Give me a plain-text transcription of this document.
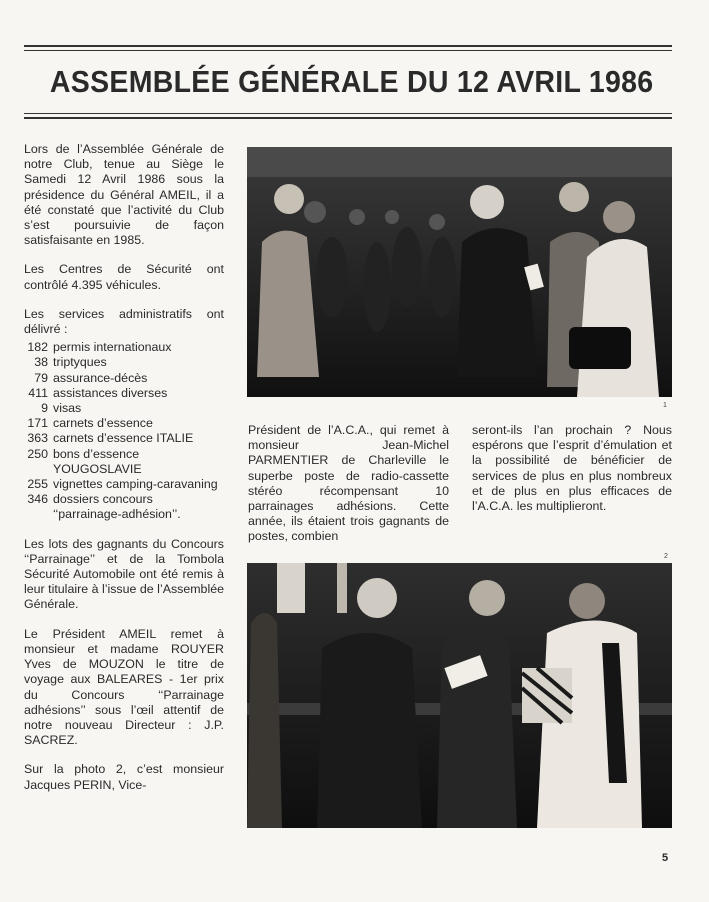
ASSEMBLÉE GÉNÉRALE DU 12 AVRIL 1986

Lors de l’Assemblée Générale de notre Club, tenue au Siège le Samedi 12 Avril 1986 sous la présidence du Général AMEIL, il a été constaté que l’activité du Club s’est poursuivie de façon satisfaisante en 1985.

Les Centres de Sécurité ont contrôlé 4.395 véhicules.

Les services administratifs ont délivré :

182 permis internationaux
38 triptyques
79 assurance-décès
411 assistances diverses
9 visas
171 carnets d’essence
363 carnets d’essence ITALIE
250 bons d’essence YOUGOSLAVIE
255 vignettes camping-caravaning
346 dossiers concours ‘‘parrainage-adhésion’’.

Les lots des gagnants du Concours ‘‘Parrainage’’ et de la Tombola Sécurité Automobile ont été remis à leur titulaire à l’issue de l’Assemblée Générale.

Le Président AMEIL remet à monsieur et madame ROUYER Yves de MOUZON le titre de voyage aux BALEARES - 1er prix du Concours ‘‘Parrainage adhésions’’ sous l’œil attentif de notre nouveau Directeur : J.P. SACREZ.

Sur la photo 2, c’est monsieur Jacques PERIN, Vice-

1

Président de l’A.C.A., qui remet à monsieur Jean-Michel PARMENTIER de Charleville le superbe poste de radio-cassette stéréo récompensant 10 parrainages adhésions. Cette année, ils étaient trois gagnants de postes, combien

seront-ils l’an prochain ? Nous espérons que l’esprit d’émulation et la possibilité de bénéficier de services de plus en plus nombreux et de plus en plus efficaces de l’A.C.A. les multiplieront.

2
5
